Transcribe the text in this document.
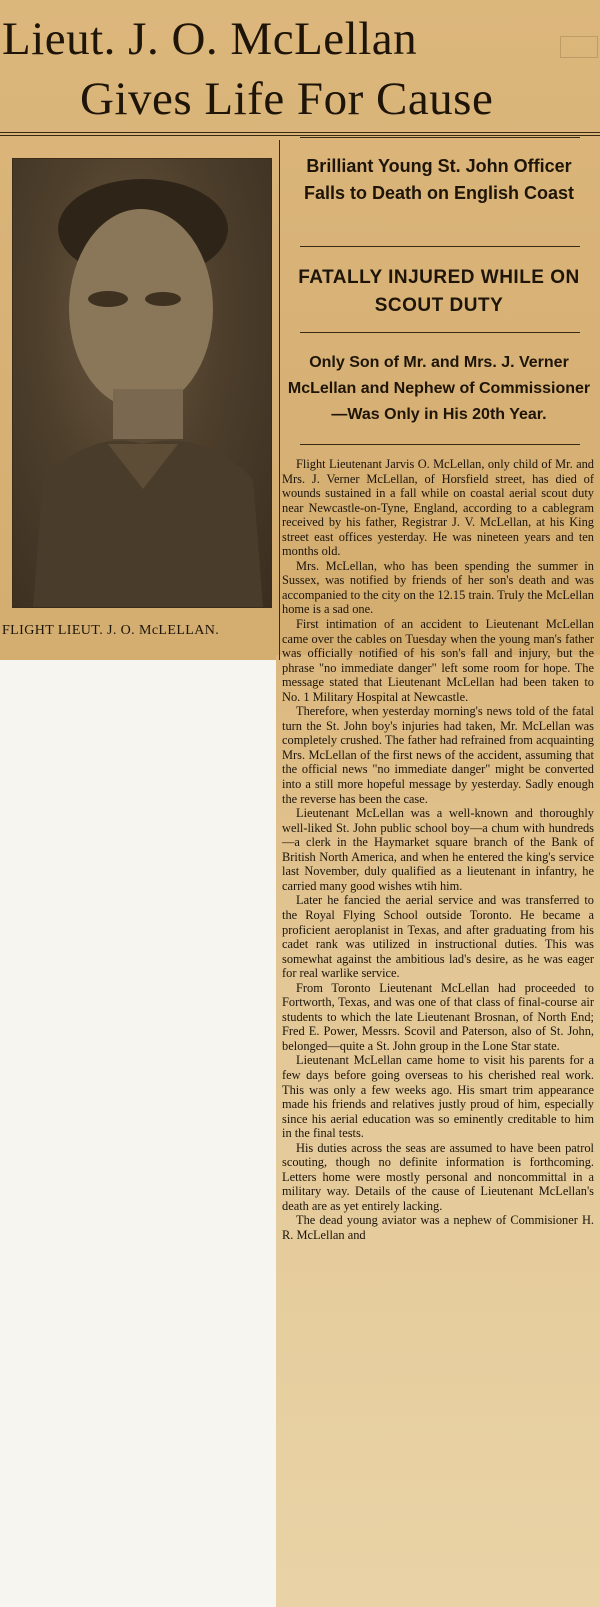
Lieut. J. O. McLellan
Gives Life For Cause
FLIGHT LIEUT. J. O. McLELLAN.
Brilliant Young St. John Officer Falls to Death on English Coast
FATALLY INJURED WHILE ON SCOUT DUTY
Only Son of Mr. and Mrs. J. Verner McLellan and Nephew of Commissioner—Was Only in His 20th Year.

Flight Lieutenant Jarvis O. McLellan, only child of Mr. and Mrs. J. Verner McLellan, of Horsfield street, has died of wounds sustained in a fall while on coastal aerial scout duty near Newcastle-on-Tyne, England, according to a cablegram received by his father, Registrar J. V. McLellan, at his King street east offices yesterday. He was nineteen years and ten months old.

Mrs. McLellan, who has been spending the summer in Sussex, was notified by friends of her son's death and was accompanied to the city on the 12.15 train. Truly the McLellan home is a sad one.

First intimation of an accident to Lieutenant McLellan came over the cables on Tuesday when the young man's father was officially notified of his son's fall and injury, but the phrase "no immediate danger" left some room for hope. The message stated that Lieutenant McLellan had been taken to No. 1 Military Hospital at Newcastle.

Therefore, when yesterday morning's news told of the fatal turn the St. John boy's injuries had taken, Mr. McLellan was completely crushed. The father had refrained from acquainting Mrs. McLellan of the first news of the accident, assuming that the official news "no immediate danger" might be converted into a still more hopeful message by yesterday. Sadly enough the reverse has been the case.

Lieutenant McLellan was a well-known and thoroughly well-liked St. John public school boy—a chum with hundreds—a clerk in the Haymarket square branch of the Bank of British North America, and when he entered the king's service last November, duly qualified as a lieutenant in infantry, he carried many good wishes wtih him.

Later he fancied the aerial service and was transferred to the Royal Flying School outside Toronto. He became a proficient aeroplanist in Texas, and after graduating from his cadet rank was utilized in instructional duties. This was somewhat against the ambitious lad's desire, as he was eager for real warlike service.

From Toronto Lieutenant McLellan had proceeded to Fortworth, Texas, and was one of that class of final-course air students to which the late Lieutenant Brosnan, of North End; Fred E. Power, Messrs. Scovil and Paterson, also of St. John, belonged—quite a St. John group in the Lone Star state.

Lieutenant McLellan came home to visit his parents for a few days before going overseas to his cherished real work. This was only a few weeks ago. His smart trim appearance made his friends and relatives justly proud of him, especially since his aerial education was so eminently creditable to him in the final tests.

His duties across the seas are assumed to have been patrol scouting, though no definite information is forthcoming. Letters home were mostly personal and noncommittal in a military way. Details of the cause of Lieutenant McLellan's death are as yet entirely lacking.

The dead young aviator was a nephew of Commisioner H. R. McLellan and
